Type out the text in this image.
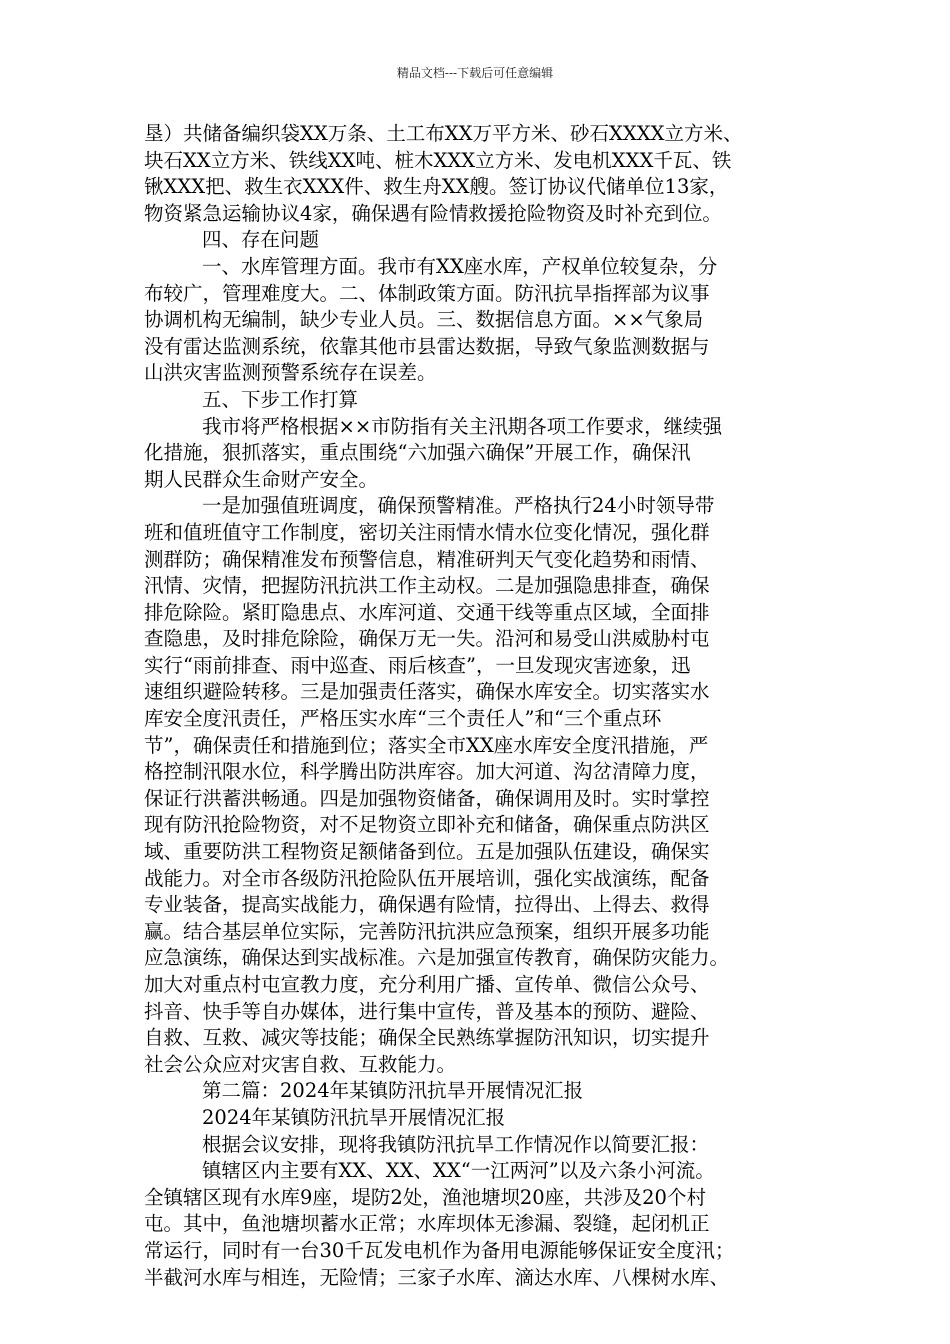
精品文档---下载后可任意编辑
垦）共储备编织袋XX万条、土工布XX万平方米、砂石XXXX立方米、
块石XX立方米、铁线XX吨、桩木XXX立方米、发电机XXX千瓦、铁
锹XXX把、救生衣XXX件、救生舟XX艘。签订协议代储单位13家，
物资紧急运输协议4家，确保遇有险情救援抢险物资及时补充到位。
四、存在问题
一、水库管理方面。我市有XX座水库，产权单位较复杂，分
布较广，管理难度大。二、体制政策方面。防汛抗旱指挥部为议事
协调机构无编制，缺少专业人员。三、数据信息方面。××气象局
没有雷达监测系统，依靠其他市县雷达数据，导致气象监测数据与
山洪灾害监测预警系统存在误差。
五、下步工作打算
我市将严格根据××市防指有关主汛期各项工作要求，继续强
化措施，狠抓落实，重点围绕“六加强六确保”开展工作，确保汛
期人民群众生命财产安全。
一是加强值班调度，确保预警精准。严格执行24小时领导带
班和值班值守工作制度，密切关注雨情水情水位变化情况，强化群
测群防；确保精准发布预警信息，精准研判天气变化趋势和雨情、
汛情、灾情，把握防汛抗洪工作主动权。二是加强隐患排查，确保
排危除险。紧盯隐患点、水库河道、交通干线等重点区域，全面排
查隐患，及时排危除险，确保万无一失。沿河和易受山洪威胁村屯
实行“雨前排查、雨中巡查、雨后核查”，一旦发现灾害迹象，迅
速组织避险转移。三是加强责任落实，确保水库安全。切实落实水
库安全度汛责任，严格压实水库“三个责任人”和“三个重点环
节”，确保责任和措施到位；落实全市XX座水库安全度汛措施，严
格控制汛限水位，科学腾出防洪库容。加大河道、沟岔清障力度，
保证行洪蓄洪畅通。四是加强物资储备，确保调用及时。实时掌控
现有防汛抢险物资，对不足物资立即补充和储备，确保重点防洪区
域、重要防洪工程物资足额储备到位。五是加强队伍建设，确保实
战能力。对全市各级防汛抢险队伍开展培训，强化实战演练，配备
专业装备，提高实战能力，确保遇有险情，拉得出、上得去、救得
赢。结合基层单位实际，完善防汛抗洪应急预案，组织开展多功能
应急演练，确保达到实战标准。六是加强宣传教育，确保防灾能力。
加大对重点村屯宣教力度，充分利用广播、宣传单、微信公众号、
抖音、快手等自办媒体，进行集中宣传，普及基本的预防、避险、
自救、互救、减灾等技能；确保全民熟练掌握防汛知识，切实提升
社会公众应对灾害自救、互救能力。
第二篇：2024年某镇防汛抗旱开展情况汇报
2024年某镇防汛抗旱开展情况汇报
根据会议安排，现将我镇防汛抗旱工作情况作以简要汇报：
镇辖区内主要有XX、XX、XX“一江两河”以及六条小河流。
全镇辖区现有水库9座，堤防2处，渔池塘坝20座，共涉及20个村
屯。其中，鱼池塘坝蓄水正常；水库坝体无渗漏、裂缝，起闭机正
常运行，同时有一台30千瓦发电机作为备用电源能够保证安全度汛；
半截河水库与相连，无险情；三家子水库、滴达水库、八棵树水库、
